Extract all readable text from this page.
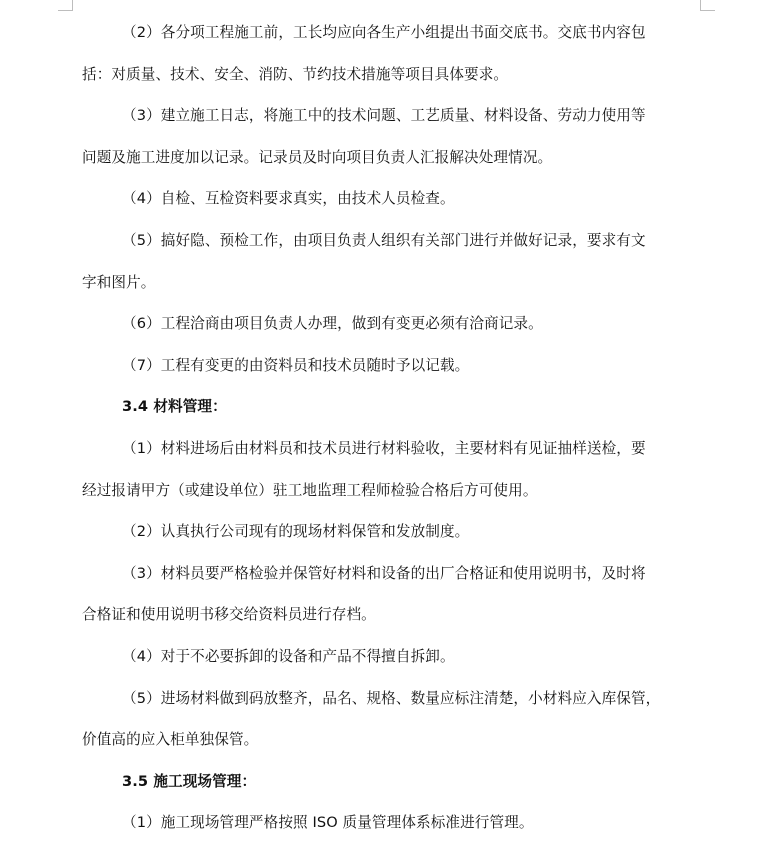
（2）各分项工程施工前，工长均应向各生产小组提出书面交底书。交底书内容包

括：对质量、技术、安全、消防、节约技术措施等项目具体要求。

（3）建立施工日志，将施工中的技术问题、工艺质量、材料设备、劳动力使用等

问题及施工进度加以记录。记录员及时向项目负责人汇报解决处理情况。

（4）自检、互检资料要求真实，由技术人员检查。

（5）搞好隐、预检工作，由项目负责人组织有关部门进行并做好记录，要求有文

字和图片。

（6）工程洽商由项目负责人办理，做到有变更必须有洽商记录。

（7）工程有变更的由资料员和技术员随时予以记载。

3.4 材料管理：

（1）材料进场后由材料员和技术员进行材料验收，主要材料有见证抽样送检，要

经过报请甲方（或建设单位）驻工地监理工程师检验合格后方可使用。

（2）认真执行公司现有的现场材料保管和发放制度。

（3）材料员要严格检验并保管好材料和设备的出厂合格证和使用说明书，及时将

合格证和使用说明书移交给资料员进行存档。

（4）对于不必要拆卸的设备和产品不得擅自拆卸。

（5）进场材料做到码放整齐，品名、规格、数量应标注清楚，小材料应入库保管，

价值高的应入柜单独保管。

3.5 施工现场管理：

（1）施工现场管理严格按照 ISO 质量管理体系标准进行管理。
